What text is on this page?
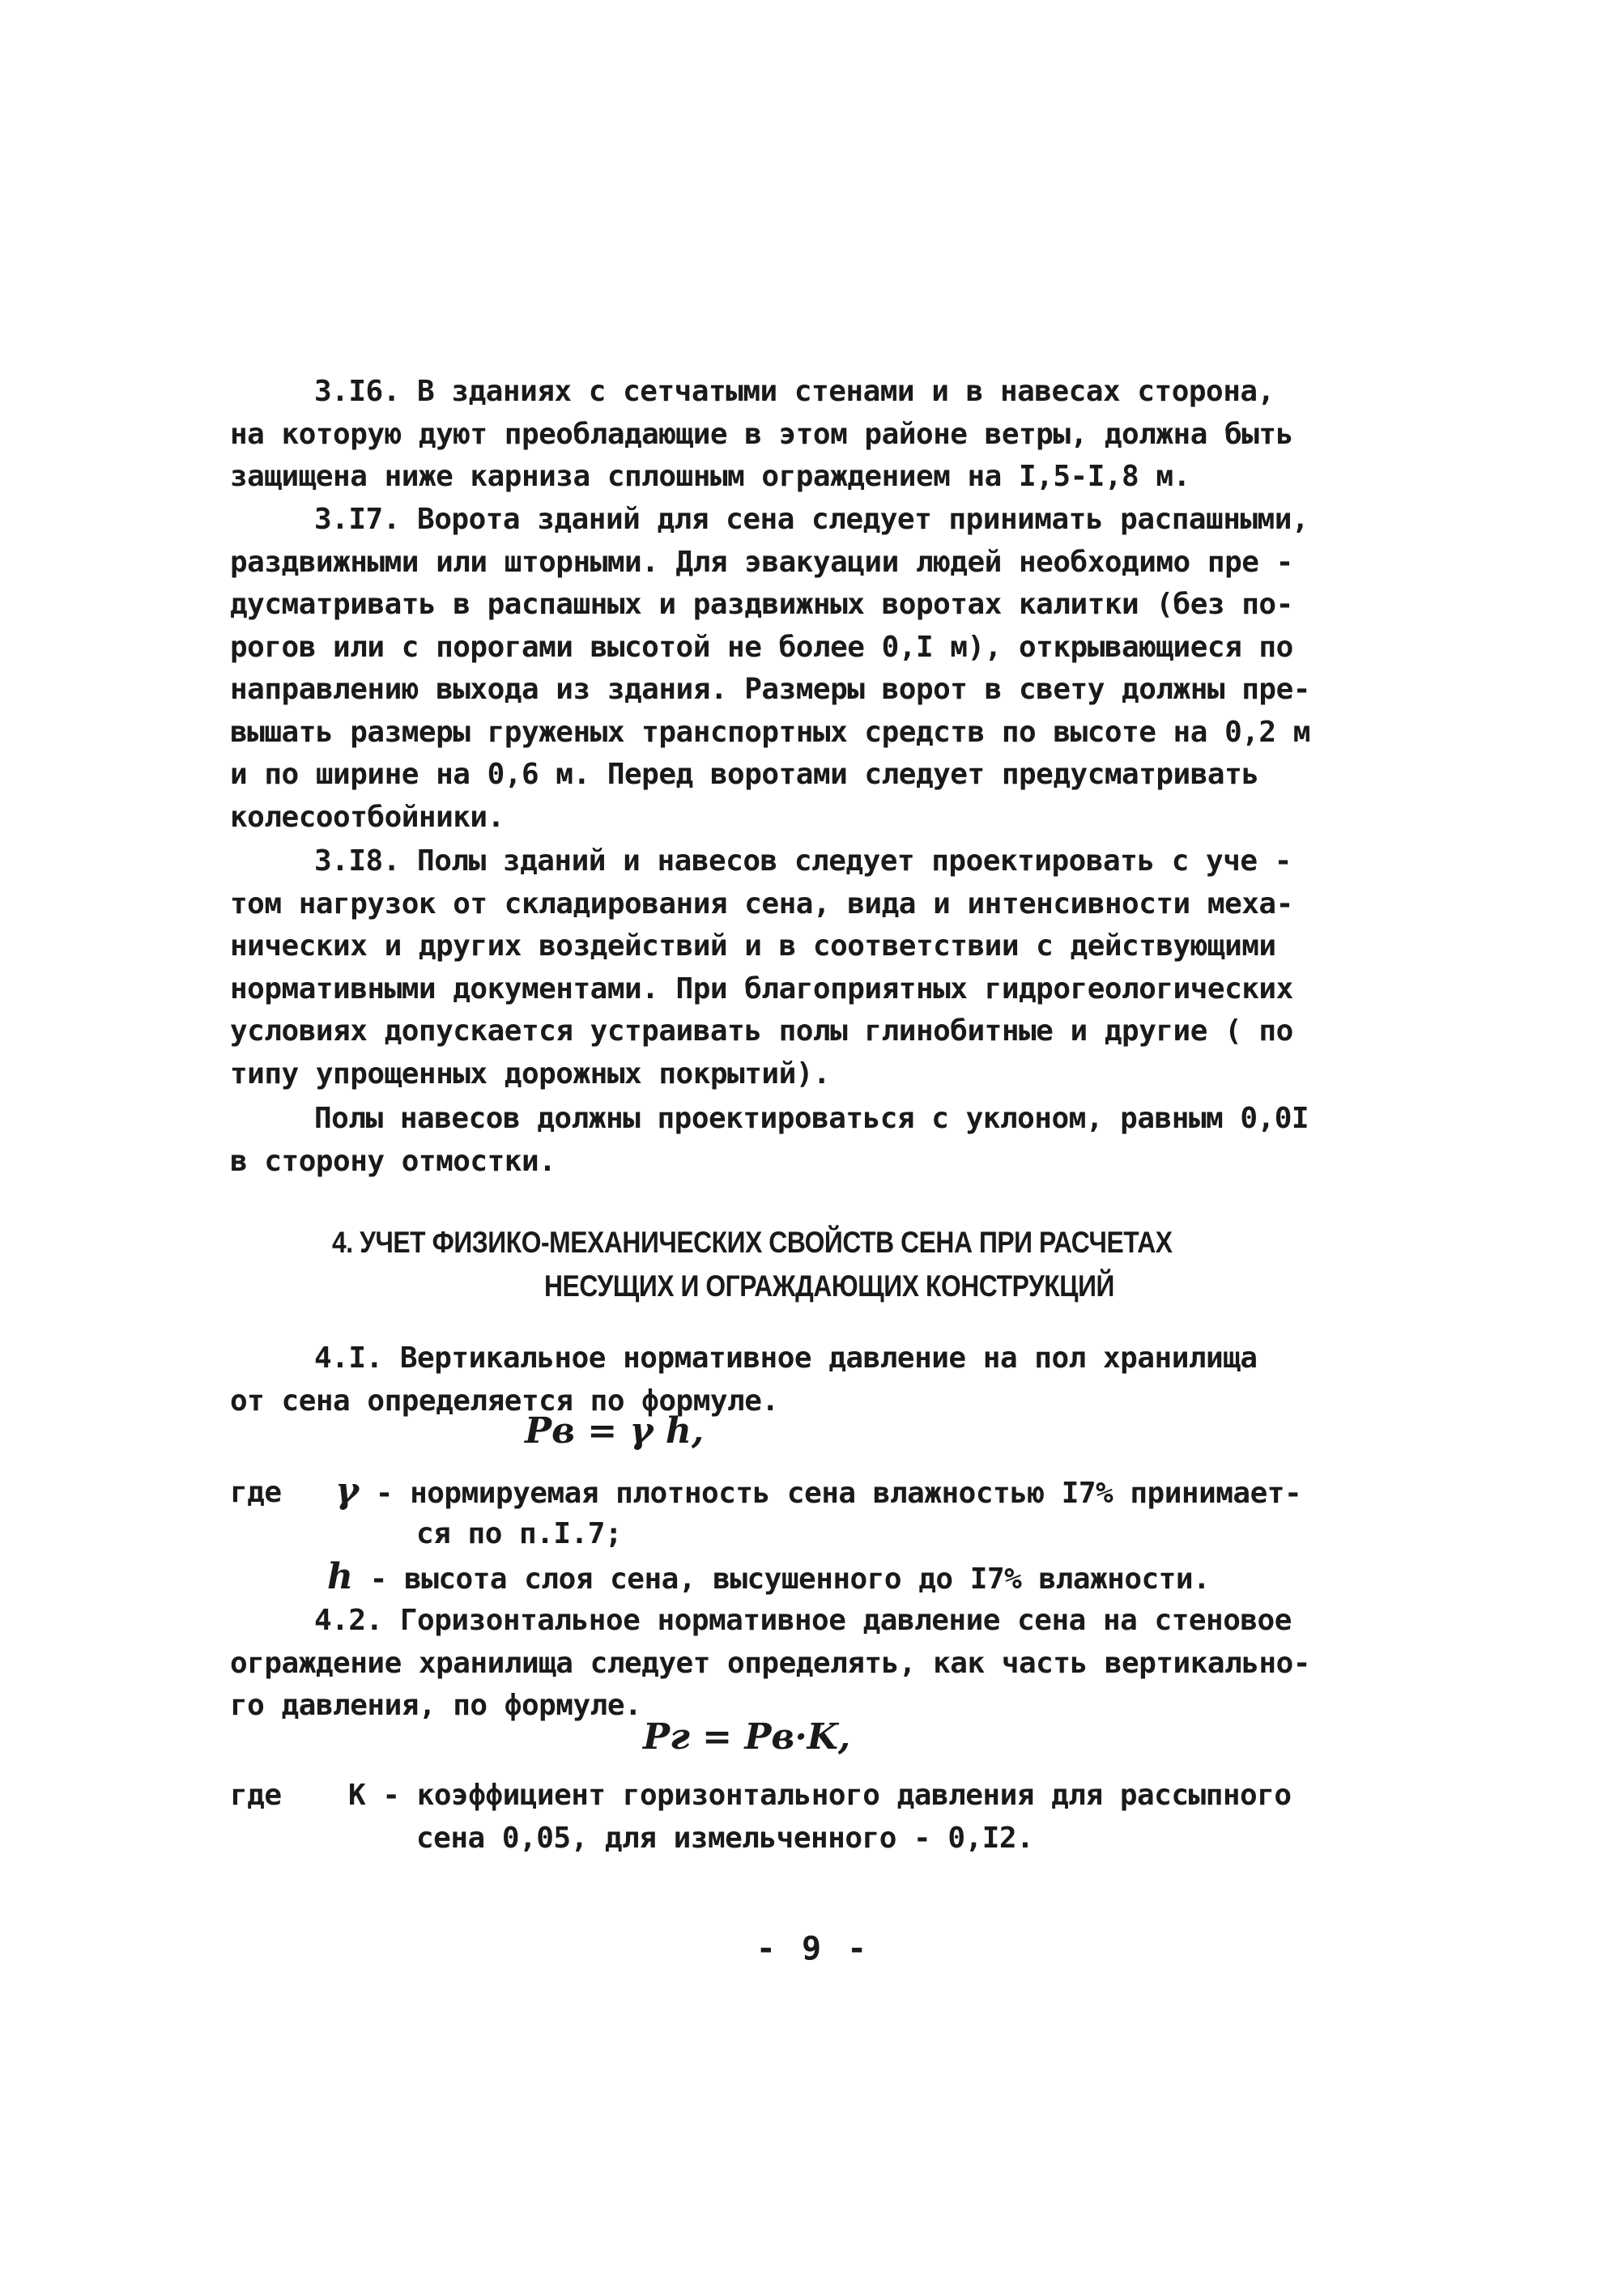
3.I6. В зданиях с сетчатыми стенами и в навесах сторона,
на которую дуют преобладающие в этом районе ветры, должна быть
защищена ниже карниза сплошным ограждением на I,5-I,8 м.
3.I7. Ворота зданий для сена следует принимать распашными,
раздвижными или шторными. Для эвакуации людей необходимо пре -
дусматривать в распашных и раздвижных воротах калитки (без по-
рогов или с порогами высотой не более 0,I м), открывающиеся по
направлению выхода из здания. Размеры ворот в свету должны пре-
вышать размеры груженых транспортных средств по высоте на 0,2 м
и по ширине на 0,6 м. Перед воротами следует предусматривать
колесоотбойники.
3.I8. Полы зданий и навесов следует проектировать с уче -
том нагрузок от складирования сена, вида и интенсивности меха-
нических и других воздействий и в соответствии с действующими
нормативными документами. При благоприятных гидрогеологических
условиях допускается устраивать полы глинобитные и другие ( по
типу упрощенных дорожных покрытий).
Полы навесов должны проектироваться с уклоном, равным 0,0I
в сторону отмостки.
4. УЧЕТ ФИЗИКО-МЕХАНИЧЕСКИХ СВОЙСТВ СЕНА ПРИ РАСЧЕТАХ
НЕСУЩИХ И ОГРАЖДАЮЩИХ КОНСТРУКЦИЙ
4.I. Вертикальное нормативное давление на пол хранилища
от сена определяется по формуле.
Pв = γ h,
где γ - нормируемая плотность сена влажностью I7% принимает-
ся по п.I.7;
h - высота слоя сена, высушенного до I7% влажности.
4.2. Горизонтальное нормативное давление сена на стеновое
ограждение хранилища следует определять, как часть вертикально-
го давления, по формуле.
Pг = Pв·K,
где К - коэффициент горизонтального давления для рассыпного
сена 0,05, для измельченного - 0,I2.
- 9 -
